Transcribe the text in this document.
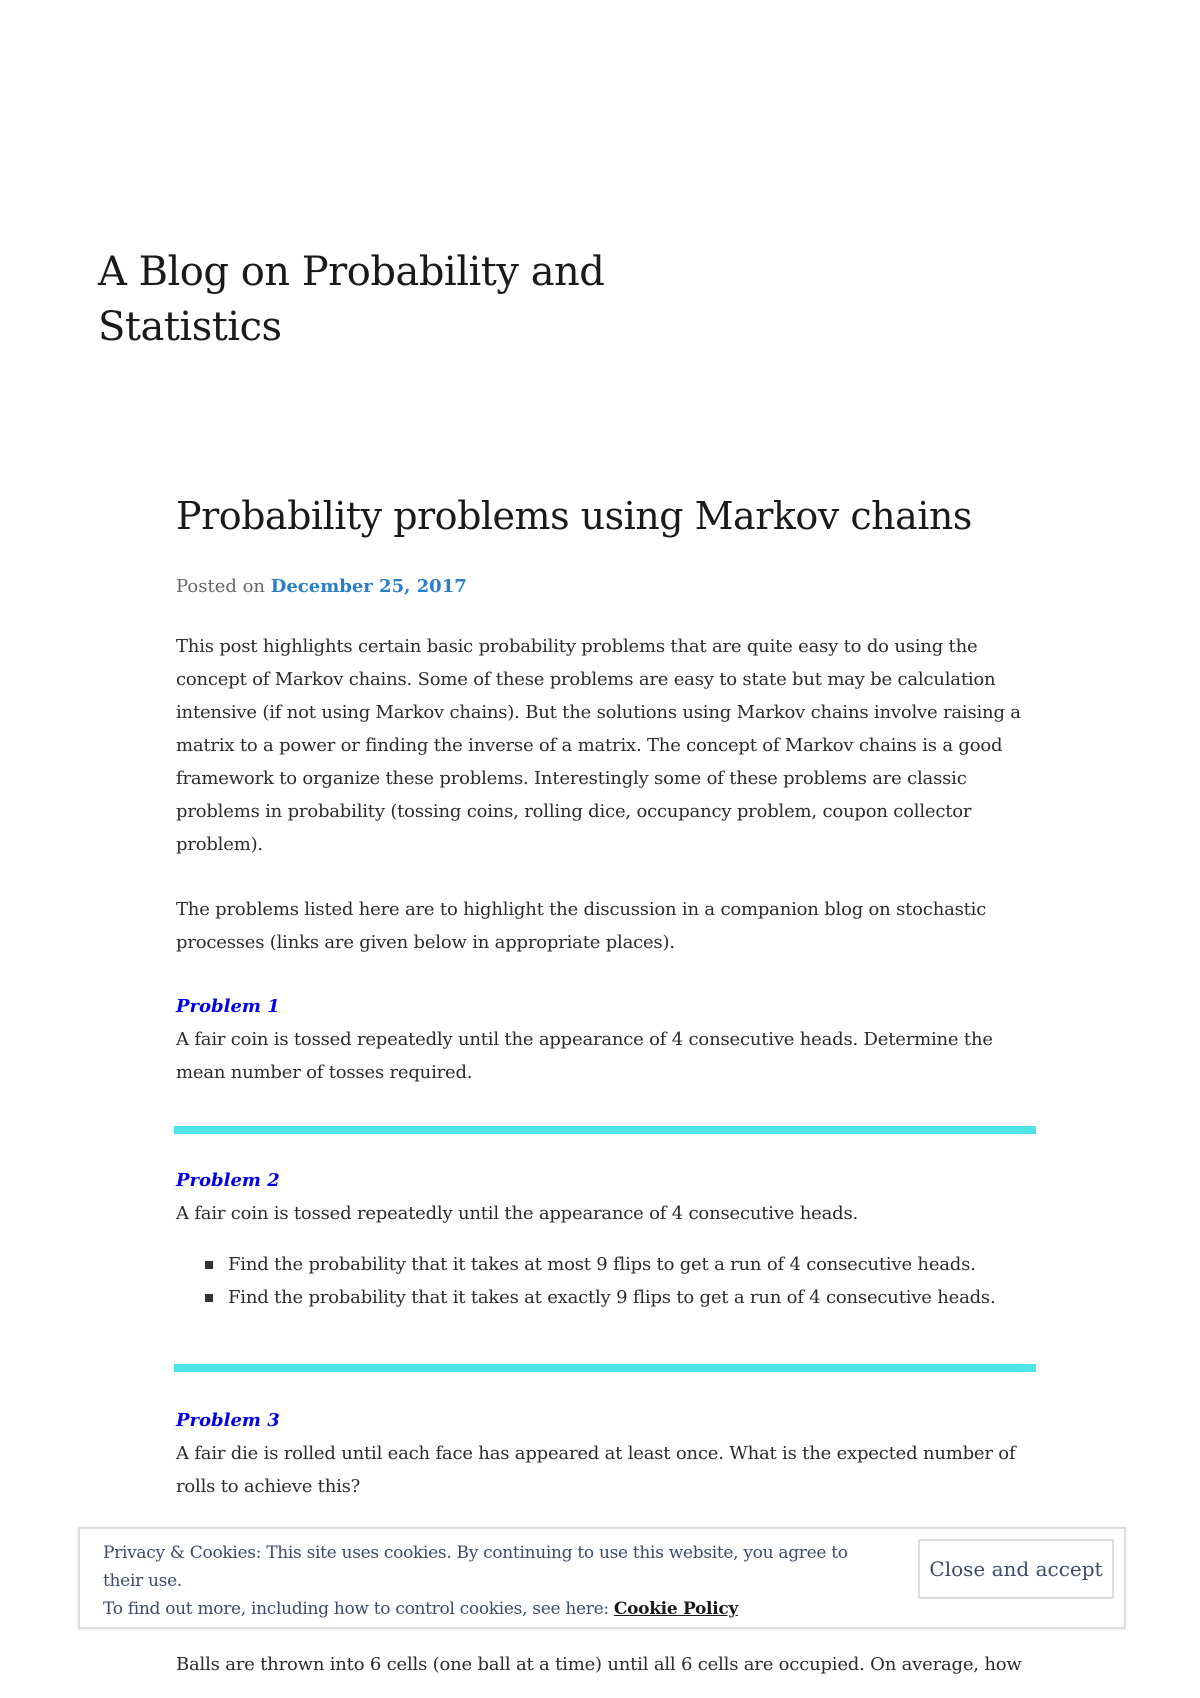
A Blog on Probability and Statistics
Probability problems using Markov chains

Posted on December 25, 2017

This post highlights certain basic probability problems that are quite easy to do using the concept of Markov chains. Some of these problems are easy to state but may be calculation intensive (if not using Markov chains). But the solutions using Markov chains involve raising a matrix to a power or finding the inverse of a matrix. The concept of Markov chains is a good framework to organize these problems. Interestingly some of these problems are classic problems in probability (tossing coins, rolling dice, occupancy problem, coupon collector problem).

The problems listed here are to highlight the discussion in a companion blog on stochastic processes (links are given below in appropriate places).

Problem 1

A fair coin is tossed repeatedly until the appearance of 4 consecutive heads. Determine the mean number of tosses required.

Problem 2

A fair coin is tossed repeatedly until the appearance of 4 consecutive heads.

Find the probability that it takes at most 9 flips to get a run of 4 consecutive heads.
Find the probability that it takes at exactly 9 flips to get a run of 4 consecutive heads.
Problem 3

A fair die is rolled until each face has appeared at least once. What is the expected number of rolls to achieve this?

Balls are thrown into 6 cells (one ball at a time) until all 6 cells are occupied. On average, how

Privacy & Cookies: This site uses cookies. By continuing to use this website, you agree to their use.
To find out more, including how to control cookies, see here: Cookie Policy

Close and accept
